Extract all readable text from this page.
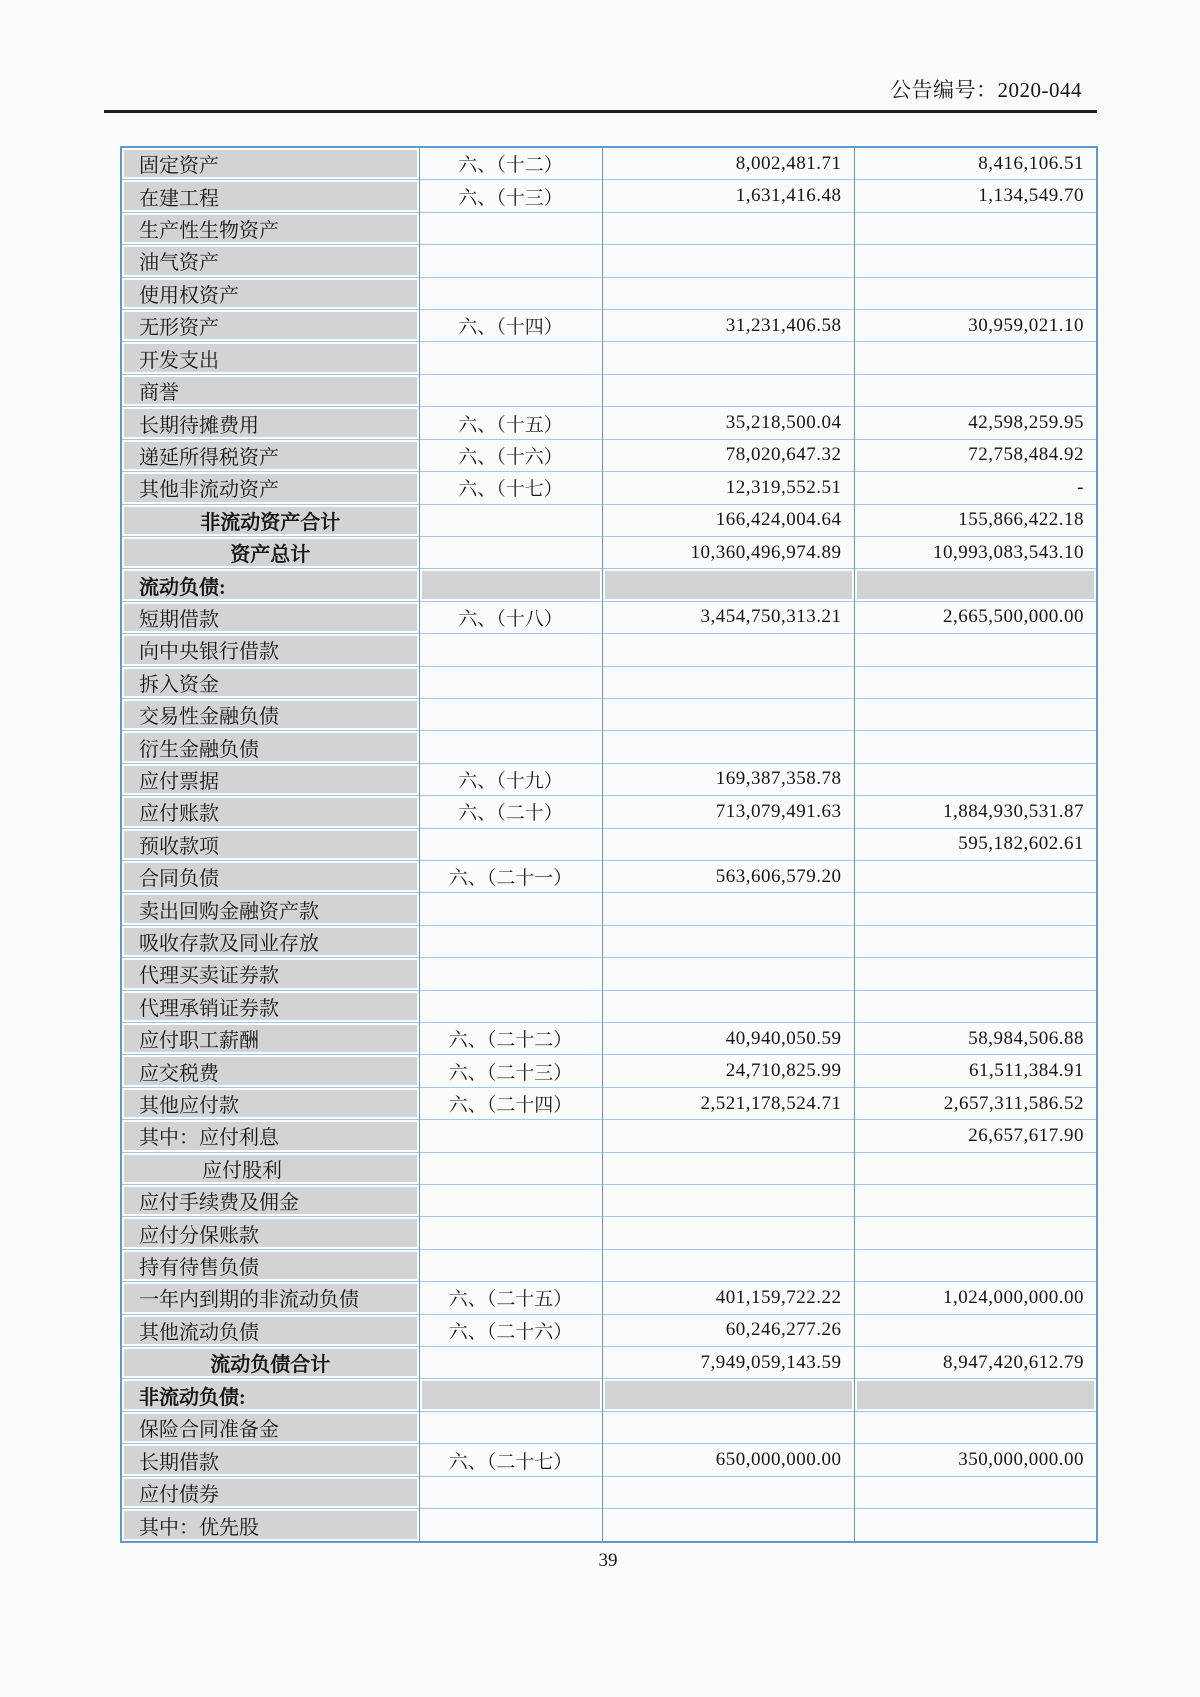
公告编号：2020-044
固定资产	六、（十二）	8,002,481.71	8,416,106.51
在建工程	六、（十三）	1,631,416.48	1,134,549.70
生产性生物资产			
油气资产			
使用权资产			
无形资产	六、（十四）	31,231,406.58	30,959,021.10
开发支出			
商誉			
长期待摊费用	六、（十五）	35,218,500.04	42,598,259.95
递延所得税资产	六、（十六）	78,020,647.32	72,758,484.92
其他非流动资产	六、（十七）	12,319,552.51	-
非流动资产合计		166,424,004.64	155,866,422.18
资产总计		10,360,496,974.89	10,993,083,543.10
流动负债:			
短期借款	六、（十八）	3,454,750,313.21	2,665,500,000.00
向中央银行借款			
拆入资金			
交易性金融负债			
衍生金融负债			
应付票据	六、（十九）	169,387,358.78	
应付账款	六、（二十）	713,079,491.63	1,884,930,531.87
预收款项			595,182,602.61
合同负债	六、（二十一）	563,606,579.20	
卖出回购金融资产款			
吸收存款及同业存放			
代理买卖证券款			
代理承销证券款			
应付职工薪酬	六、（二十二）	40,940,050.59	58,984,506.88
应交税费	六、（二十三）	24,710,825.99	61,511,384.91
其他应付款	六、（二十四）	2,521,178,524.71	2,657,311,586.52
其中：应付利息			26,657,617.90
应付股利			
应付手续费及佣金			
应付分保账款			
持有待售负债			
一年内到期的非流动负债	六、（二十五）	401,159,722.22	1,024,000,000.00
其他流动负债	六、（二十六）	60,246,277.26	
流动负债合计		7,949,059,143.59	8,947,420,612.79
非流动负债:			
保险合同准备金			
长期借款	六、（二十七）	650,000,000.00	350,000,000.00
应付债券			
其中：优先股			
39
